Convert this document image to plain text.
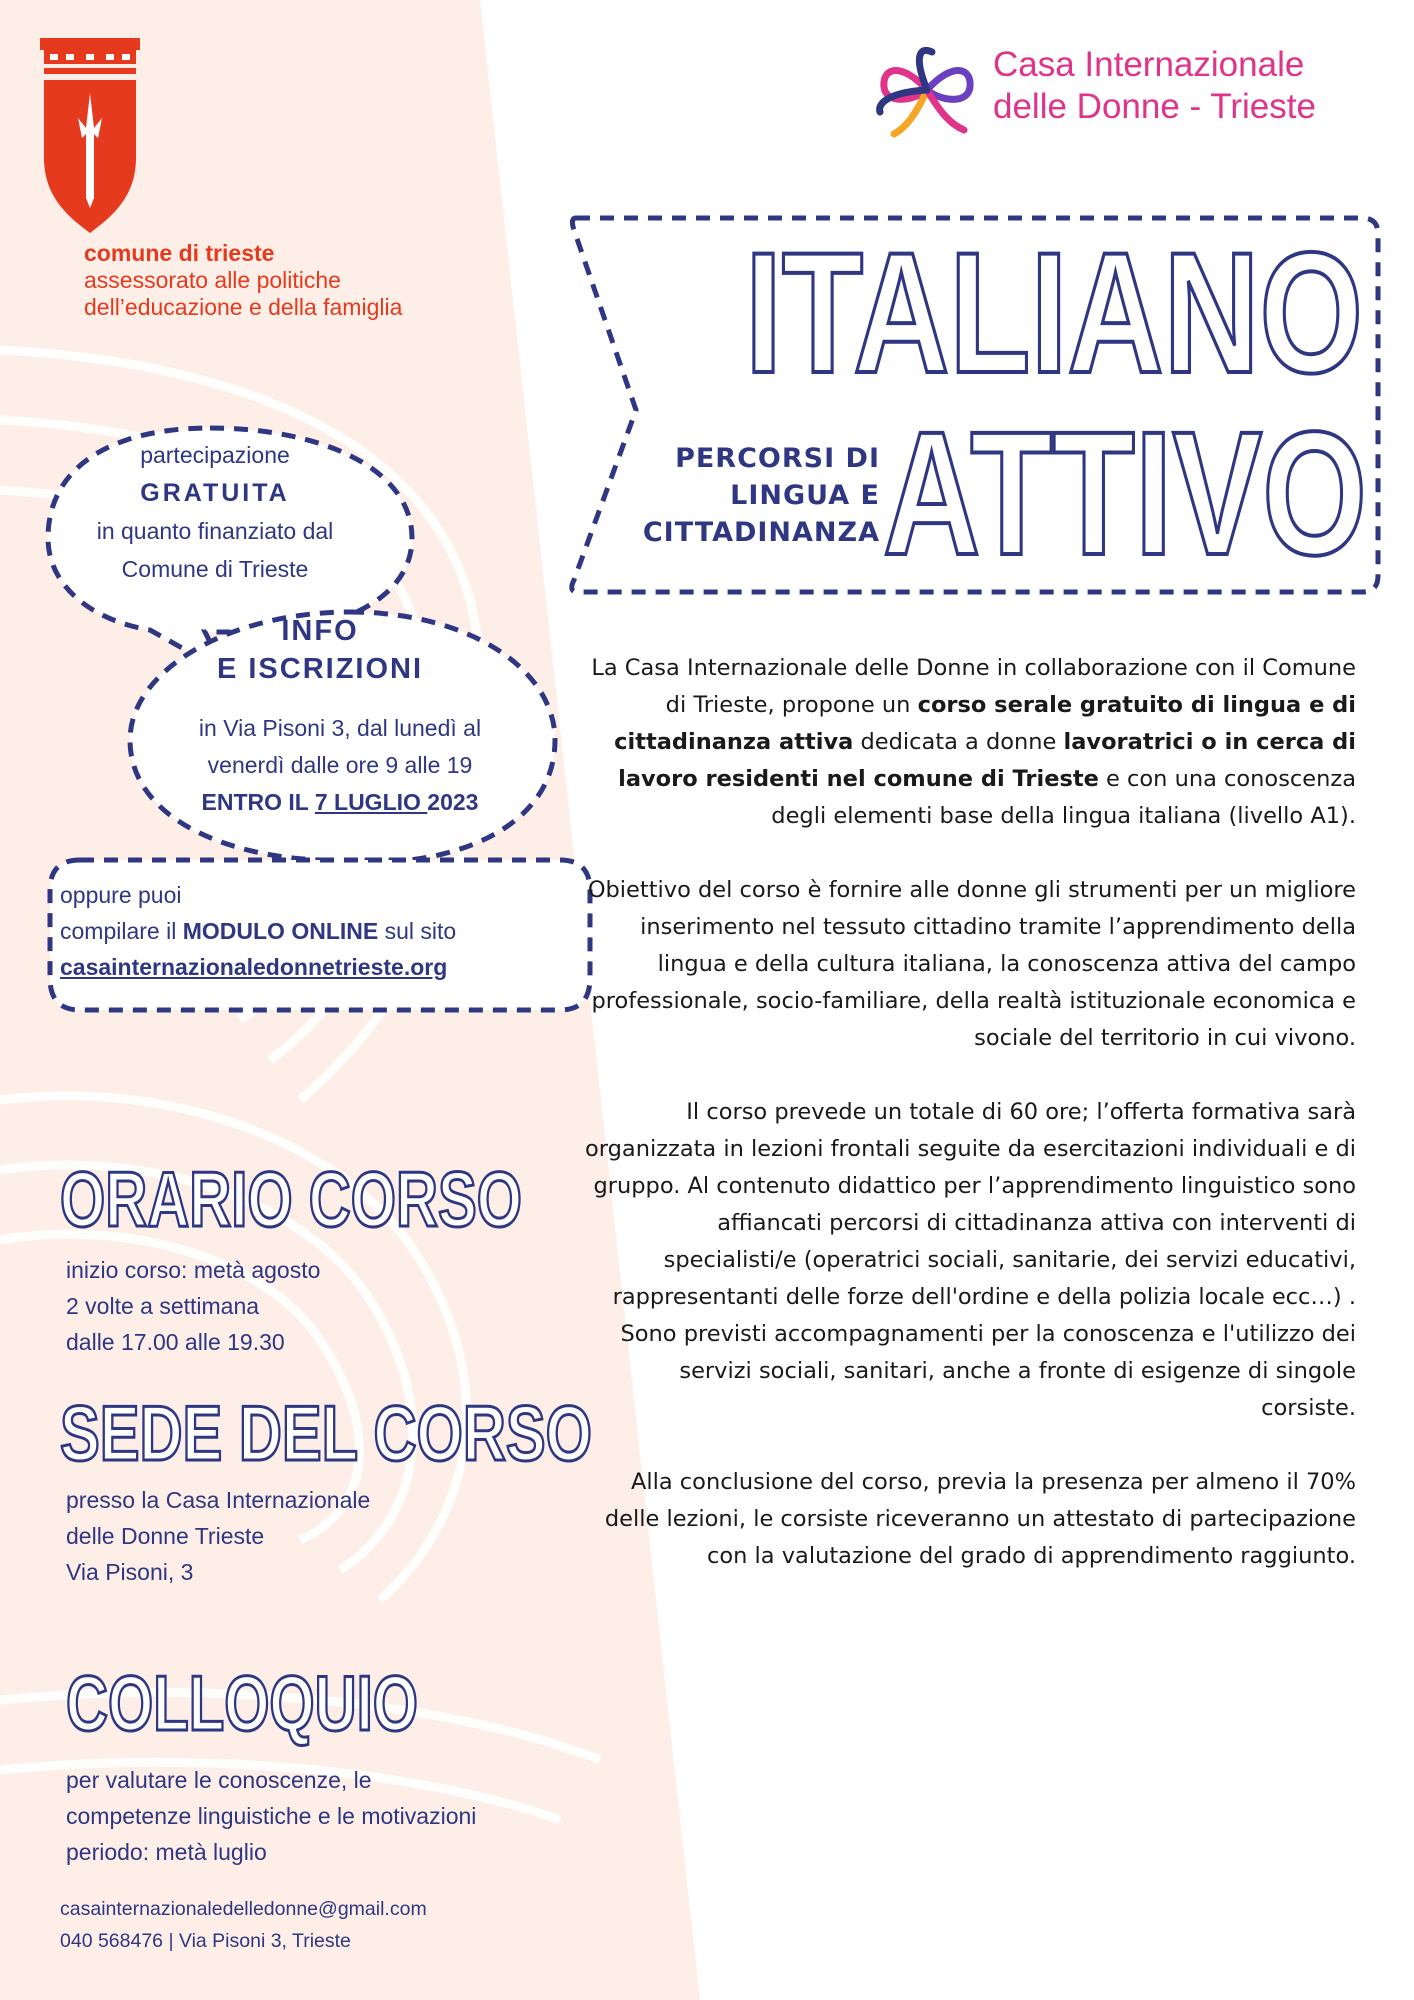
comune di trieste
assessorato alle politiche
dell’educazione e della famiglia
Casa Internazionale
delle Donne - Trieste
ITALIANO
ATTIVO
PERCORSI DI
LINGUA E
CITTADINANZA
partecipazione
GRATUITA
in quanto finanziato dal
Comune di Trieste
INFO
E ISCRIZIONI
in Via Pisoni 3, dal lunedì al
venerdì dalle ore 9 alle 19
ENTRO IL 7 LUGLIO 2023
oppure puoi
compilare il MODULO ONLINE sul sito
casainternazionaledonnetrieste.org
ORARIO CORSO
inizio corso: metà agosto
2 volte a settimana
dalle 17.00 alle 19.30
SEDE DEL CORSO
presso la Casa Internazionale
delle Donne Trieste
Via Pisoni, 3
COLLOQUIO
per valutare le conoscenze, le
competenze linguistiche e le motivazioni
periodo: metà luglio
casainternazionaledelledonne@gmail.com
040 568476 | Via Pisoni 3, Trieste

La Casa Internazionale delle Donne in collaborazione con il Comune di Trieste, propone un corso serale gratuito di lingua e di cittadinanza attiva dedicata a donne lavoratrici o in cerca di lavoro residenti nel comune di Trieste e con una conoscenza degli elementi base della lingua italiana (livello A1).

Obiettivo del corso è fornire alle donne gli strumenti per un migliore inserimento nel tessuto cittadino tramite l’apprendimento della lingua e della cultura italiana, la conoscenza attiva del campo professionale, socio-familiare, della realtà istituzionale economica e sociale del territorio in cui vivono.

Il corso prevede un totale di 60 ore; l’offerta formativa sarà organizzata in lezioni frontali seguite da esercitazioni individuali e di gruppo. Al contenuto didattico per l’apprendimento linguistico sono affiancati percorsi di cittadinanza attiva con interventi di specialisti/e (operatrici sociali, sanitarie, dei servizi educativi, rappresentanti delle forze dell'ordine e della polizia locale ecc…) . Sono previsti accompagnamenti per la conoscenza e l'utilizzo dei servizi sociali, sanitari, anche a fronte di esigenze di singole corsiste.

Alla conclusione del corso, previa la presenza per almeno il 70% delle lezioni, le corsiste riceveranno un attestato di partecipazione con la valutazione del grado di apprendimento raggiunto.
